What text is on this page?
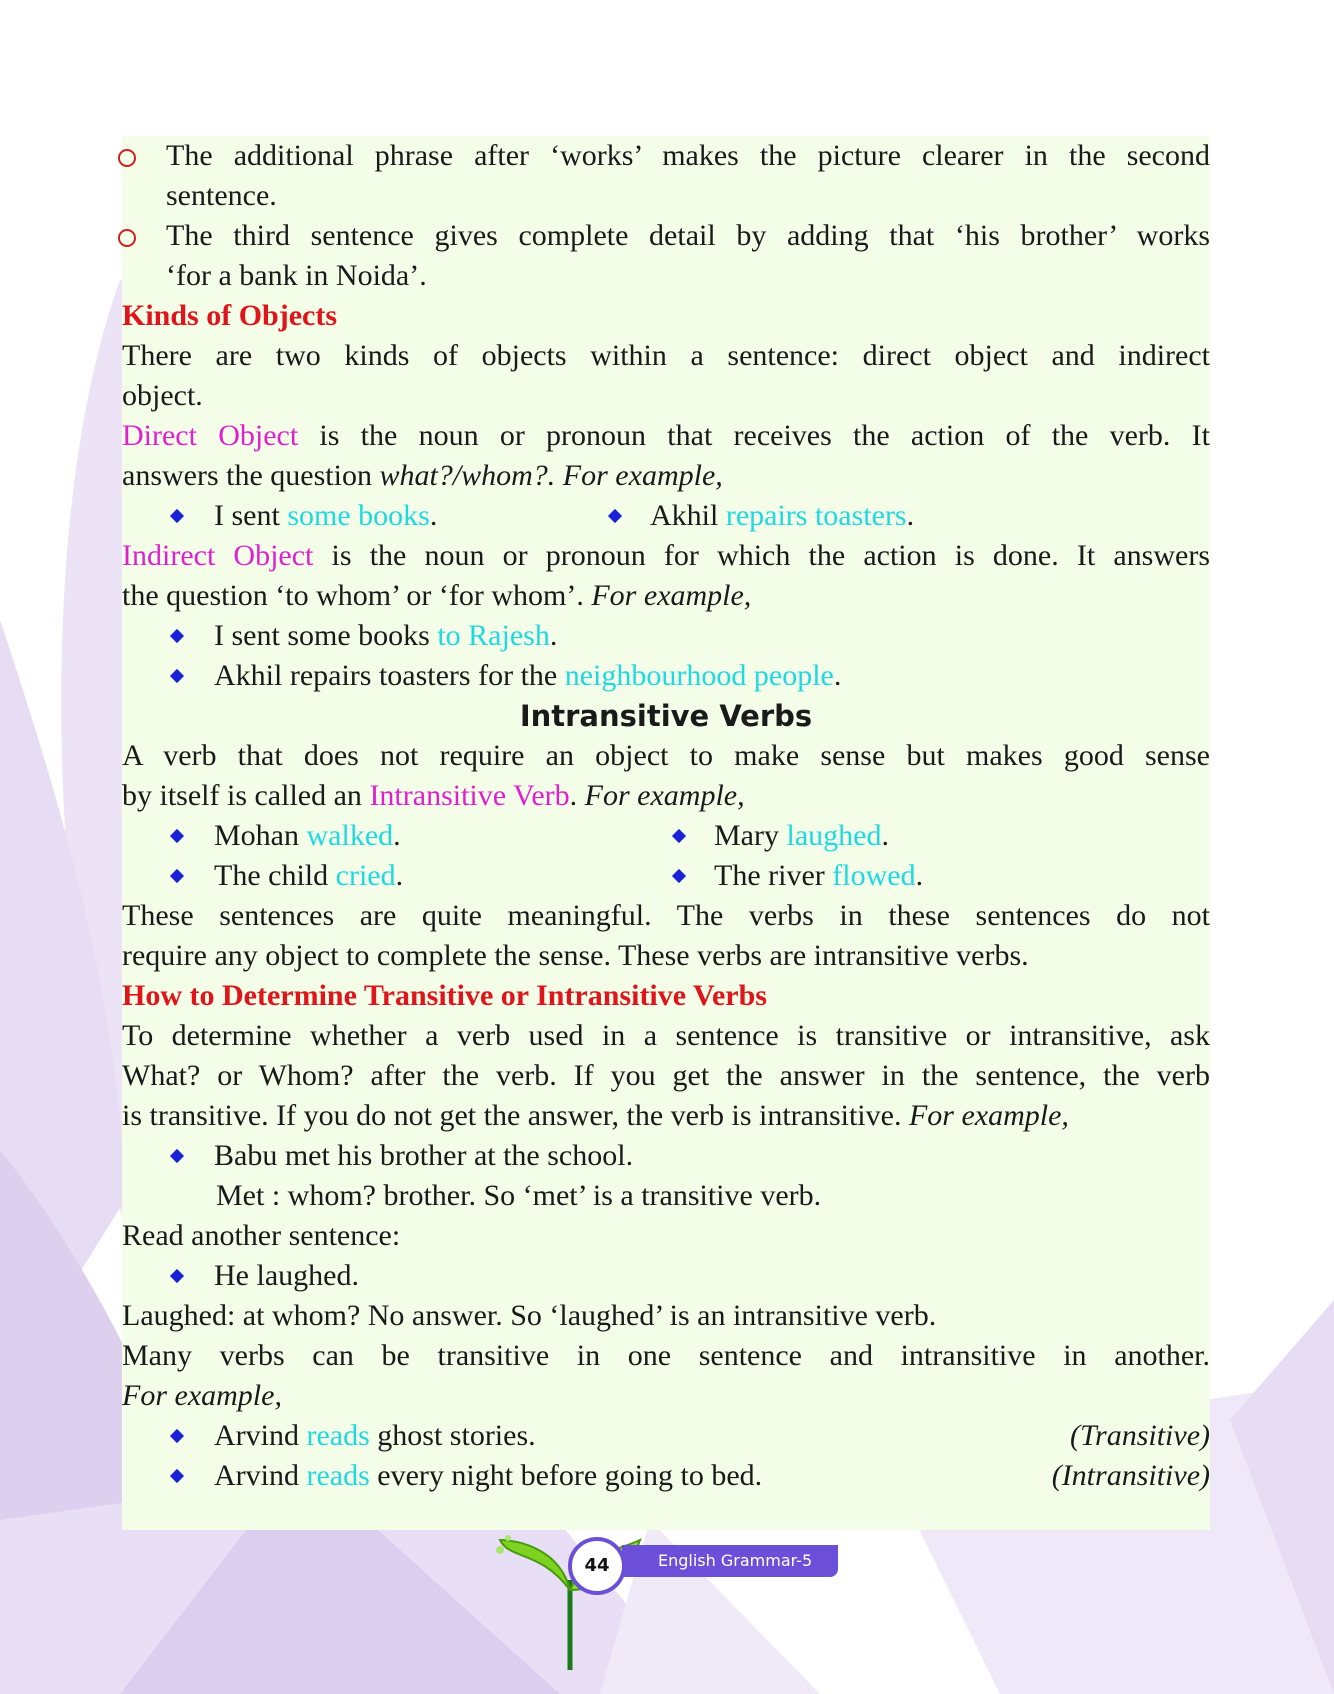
The additional phrase after ‘works’ makes the picture clearer in the second
sentence.
The third sentence gives complete detail by adding that ‘his brother’ works
‘for a bank in Noida’.
Kinds of Objects
There are two kinds of objects within a sentence: direct object and indirect
object.
Direct Object is the noun or pronoun that receives the action of the verb. It
answers the question what?/whom?. For example,
I sent some books.	Akhil repairs toasters.
Indirect Object is the noun or pronoun for which the action is done. It answers
the question ‘to whom’ or ‘for whom’. For example,
I sent some books to Rajesh.
Akhil repairs toasters for the neighbourhood people.
Intransitive Verbs
A verb that does not require an object to make sense but makes good sense
by itself is called an Intransitive Verb. For example,
Mohan walked.	Mary laughed.
The child cried.	The river flowed.
These sentences are quite meaningful. The verbs in these sentences do not
require any object to complete the sense. These verbs are intransitive verbs.
How to Determine Transitive or Intransitive Verbs
To determine whether a verb used in a sentence is transitive or intransitive, ask
What? or Whom? after the verb. If you get the answer in the sentence, the verb
is transitive. If you do not get the answer, the verb is intransitive. For example,
Babu met his brother at the school.
Met : whom? brother. So ‘met’ is a transitive verb.
Read another sentence:
He laughed.
Laughed: at whom? No answer. So ‘laughed’ is an intransitive verb.
Many verbs can be transitive in one sentence and intransitive in another.
For example,
Arvind reads ghost stories.	(Transitive)
Arvind reads every night before going to bed.	(Intransitive)
44	English Grammar-5
